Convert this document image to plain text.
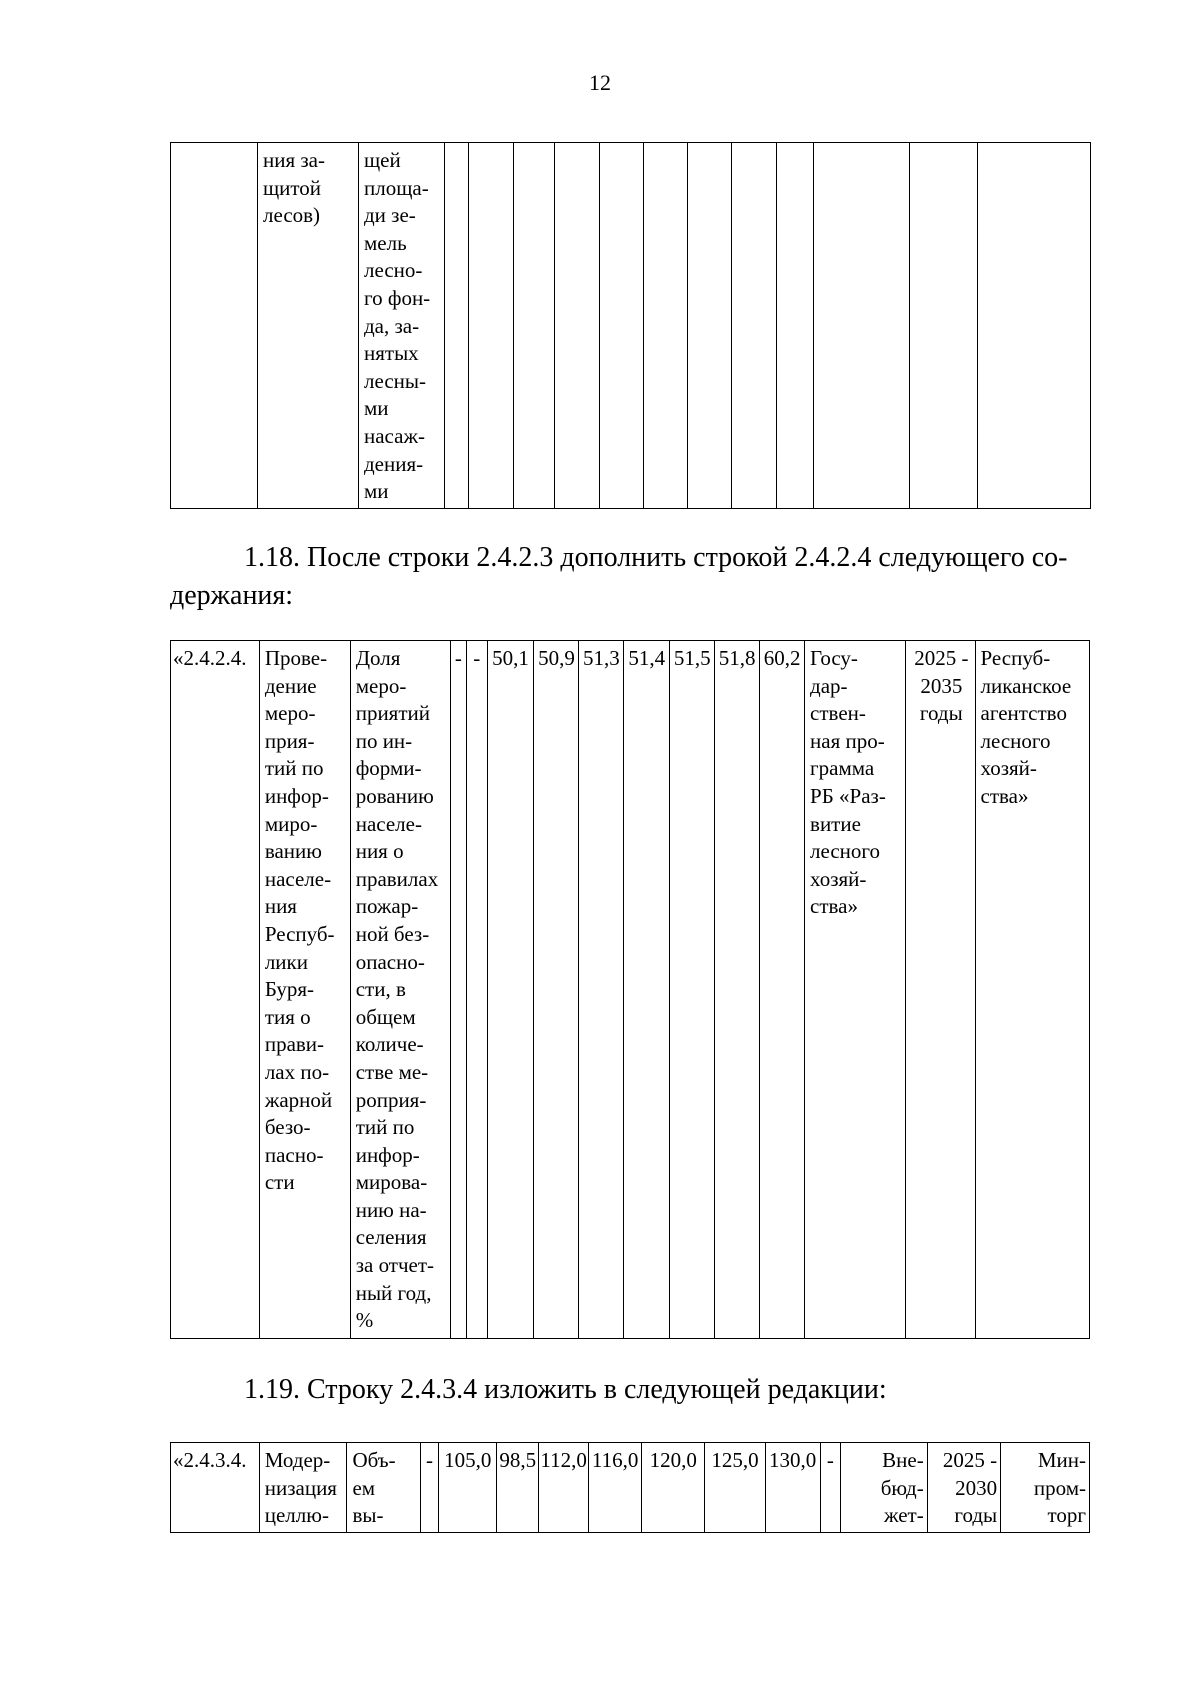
12
	ния за-
щитой
лесов)	щей
площа-
ди зе-
мель
лесно-
го фон-
да, за-
нятых
лесны-
ми
насаж-
дения-
ми												
1.18. После строки 2.4.2.3 дополнить строкой 2.4.2.4 следующего со-
держания:
«2.4.2.4.	Прове-
дение
меро-
прия-
тий по
инфор-
миро-
ванию
населе-
ния
Респуб-
лики
Буря-
тия о
прави-
лах по-
жарной
безо-
пасно-
сти	Доля
меро-
приятий
по ин-
форми-
рованию
населе-
ния о
правилах
пожар-
ной без-
опасно-
сти, в
общем
количе-
стве ме-
роприя-
тий по
инфор-
мирова-
нию на-
селения
за отчет-
ный год,
%	-	-	50,1	50,9	51,3	51,4	51,5	51,8	60,2	Госу-
дар-
ствен-
ная про-
грамма
РБ «Раз-
витие
лесного
хозяй-
ства»	2025 -
2035
годы	Респуб-
ликанское
агентство
лесного
хозяй-
ства»
1.19. Строку 2.4.3.4 изложить в следующей редакции:
«2.4.3.4.	Модер-
низация
целлю-	Объ-
ем
вы-	-	105,0	98,5	112,0	116,0	120,0	125,0	130,0	-	Вне-
бюд-
жет-	2025 -
2030
годы	Мин-
пром-
торг
